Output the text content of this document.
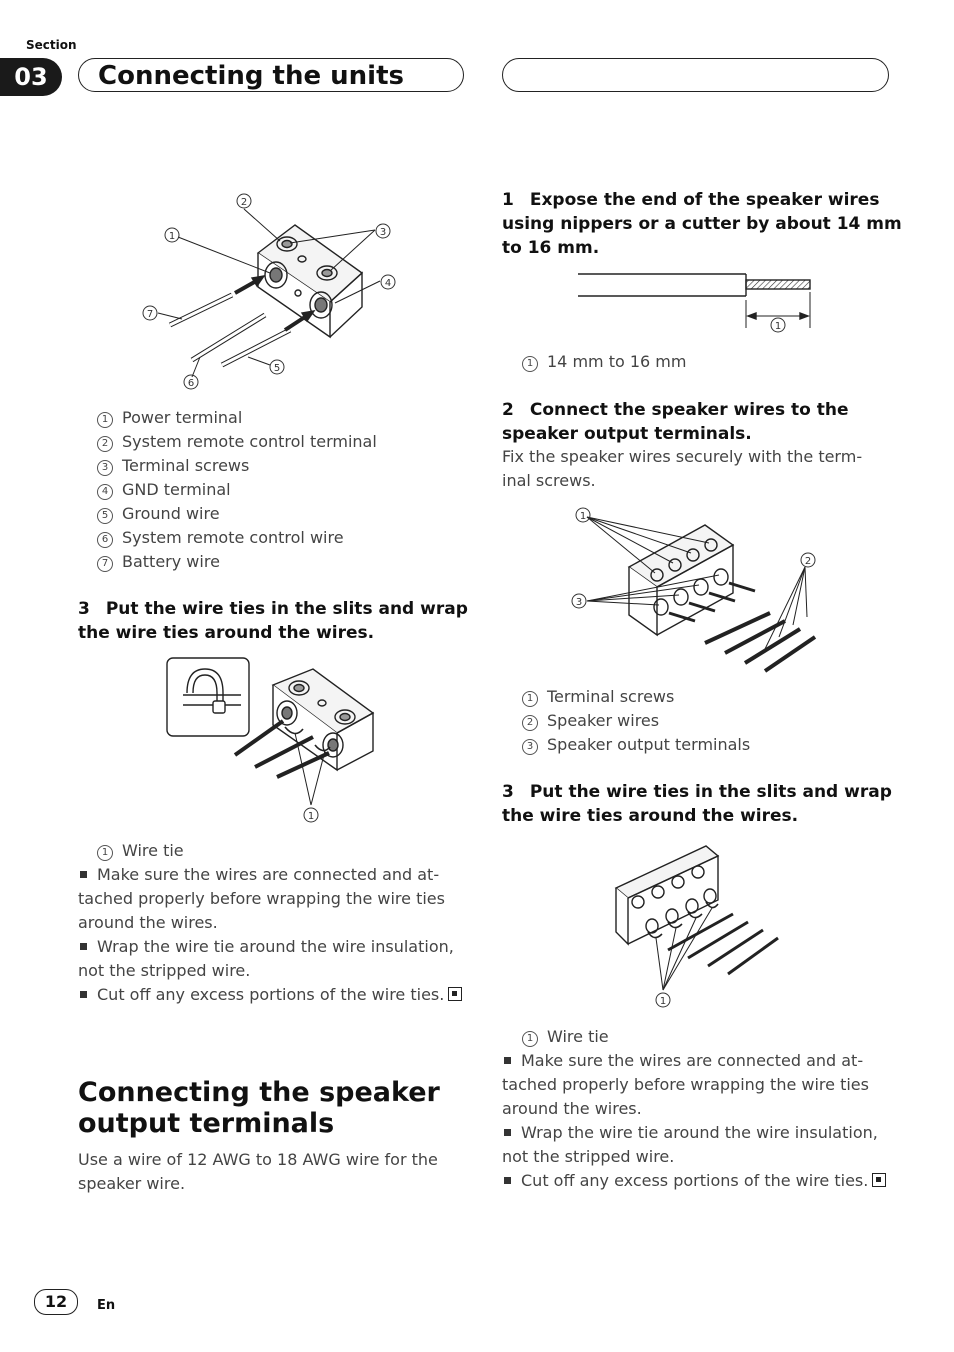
Section
03	Connecting the units
1
2
3
4
5
6
7
1 Power terminal
2 System remote control terminal
3 Terminal screws
4 GND terminal
5 Ground wire
6 System remote control wire
7 Battery wire
3 Put the wire ties in the slits and wrap
the wire ties around the wires.
1
1 Wire tie
Make sure the wires are connected and at-
tached properly before wrapping the wire ties
around the wires.
Wrap the wire tie around the wire insulation,
not the stripped wire.
Cut off any excess portions of the wire ties.
Connecting the speaker
output terminals
Use a wire of 12 AWG to 18 AWG wire for the
speaker wire.
1 Expose the end of the speaker wires
using nippers or a cutter by about 14 mm
to 16 mm.
1
1 14 mm to 16 mm
2 Connect the speaker wires to the
speaker output terminals.
Fix the speaker wires securely with the term-
inal screws.
1
2
3
1 Terminal screws
2 Speaker wires
3 Speaker output terminals
3 Put the wire ties in the slits and wrap
the wire ties around the wires.
1
1 Wire tie
Make sure the wires are connected and at-
tached properly before wrapping the wire ties
around the wires.
Wrap the wire tie around the wire insulation,
not the stripped wire.
Cut off any excess portions of the wire ties.
12	En
